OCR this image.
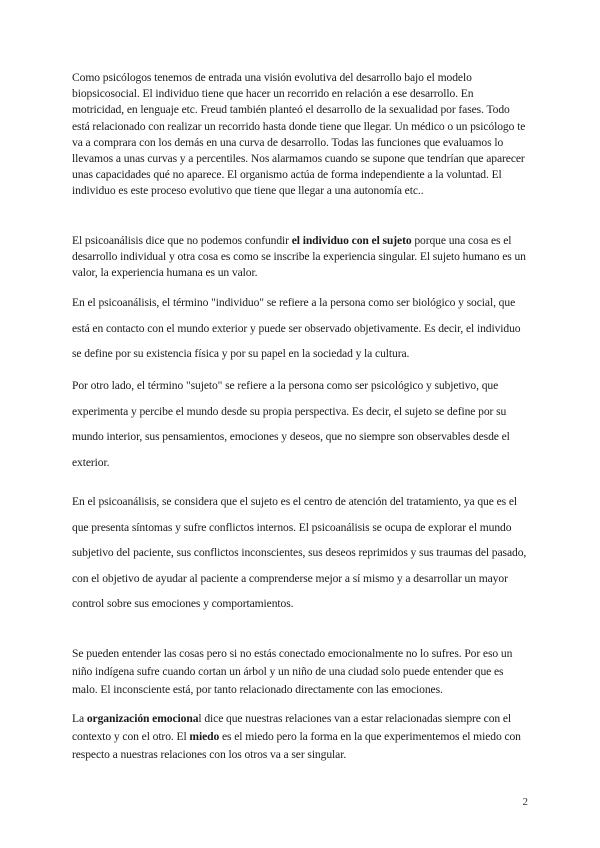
Como psicólogos tenemos de entrada una visión evolutiva del desarrollo bajo el modelo biopsicosocial. El individuo tiene que hacer un recorrido en relación a ese desarrollo. En motricidad, en lenguaje etc. Freud también planteó el desarrollo de la sexualidad por fases. Todo está relacionado con realizar un recorrido hasta donde tiene que llegar. Un médico o un psicólogo te va a comprara con los demás en una curva de desarrollo. Todas las funciones que evaluamos lo llevamos a unas curvas y a percentiles. Nos alarmamos cuando se supone que tendrían que aparecer unas capacidades qué no aparece. El organismo actúa de forma independiente a la voluntad. El individuo es este proceso evolutivo que tiene que llegar a una autonomía etc..

El psicoanálisis dice que no podemos confundir el individuo con el sujeto porque una cosa es el desarrollo individual y otra cosa es como se inscribe la experiencia singular. El sujeto humano es un valor, la experiencia humana es un valor.

En el psicoanálisis, el término "individuo" se refiere a la persona como ser biológico y social, que está en contacto con el mundo exterior y puede ser observado objetivamente. Es decir, el individuo se define por su existencia física y por su papel en la sociedad y la cultura.

Por otro lado, el término "sujeto" se refiere a la persona como ser psicológico y subjetivo, que experimenta y percibe el mundo desde su propia perspectiva. Es decir, el sujeto se define por su mundo interior, sus pensamientos, emociones y deseos, que no siempre son observables desde el exterior.

En el psicoanálisis, se considera que el sujeto es el centro de atención del tratamiento, ya que es el que presenta síntomas y sufre conflictos internos. El psicoanálisis se ocupa de explorar el mundo subjetivo del paciente, sus conflictos inconscientes, sus deseos reprimidos y sus traumas del pasado, con el objetivo de ayudar al paciente a comprenderse mejor a sí mismo y a desarrollar un mayor control sobre sus emociones y comportamientos.

Se pueden entender las cosas pero si no estás conectado emocionalmente no lo sufres. Por eso un niño indígena sufre cuando cortan un árbol y un niño de una ciudad solo puede entender que es malo. El inconsciente está, por tanto relacionado directamente con las emociones.

La organización emocional dice que nuestras relaciones van a estar relacionadas siempre con el contexto y con el otro. El miedo es el miedo pero la forma en la que experimentemos el miedo con respecto a nuestras relaciones con los otros va a ser singular.

2
